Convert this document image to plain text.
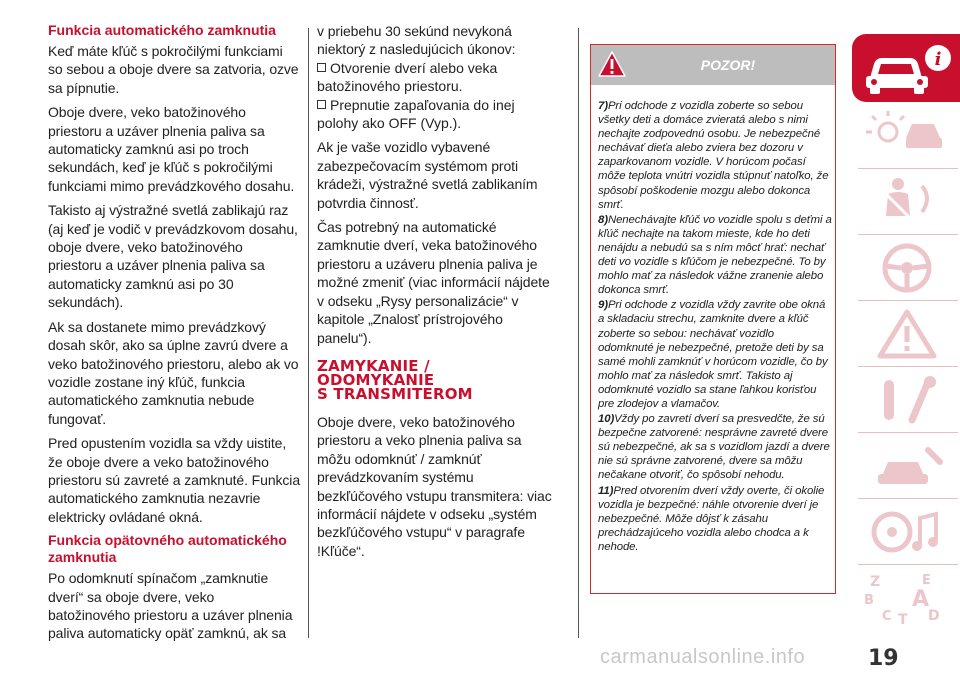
Funkcia automatického zamknutia

Keď máte kľúč s pokročilými funkciami so sebou a oboje dvere sa zatvoria, ozve sa pípnutie.

Oboje dvere, veko batožinového priestoru a uzáver plnenia paliva sa automaticky zamknú asi po troch sekundách, keď je kľúč s pokročilými funkciami mimo prevádzkového dosahu.

Takisto aj výstražné svetlá zablikajú raz (aj keď je vodič v prevádzkovom dosahu, oboje dvere, veko batožinového priestoru a uzáver plnenia paliva sa automaticky zamknú asi po 30 sekundách).

Ak sa dostanete mimo prevádzkový dosah skôr, ako sa úplne zavrú dvere a veko batožinového priestoru, alebo ak vo vozidle zostane iný kľúč, funkcia automatického zamknutia nebude fungovať.

Pred opustením vozidla sa vždy uistite, že oboje dvere a veko batožinového priestoru sú zavreté a zamknuté. Funkcia automatického zamknutia nezavrie elektricky ovládané okná.

Funkcia opätovného automatického zamknutia

Po odomknutí spínačom „zamknutie dverí“ sa oboje dvere, veko batožinového priestoru a uzáver plnenia paliva automaticky opäť zamknú, ak sa

v priebehu 30 sekúnd nevykoná niektorý z nasledujúcich úkonov:

Otvorenie dverí alebo veka batožinového priestoru.

Prepnutie zapaľovania do inej polohy ako OFF (Vyp.).

Ak je vaše vozidlo vybavené zabezpečovacím systémom proti krádeži, výstražné svetlá zablikaním potvrdia činnosť.

Čas potrebný na automatické zamknutie dverí, veka batožinového priestoru a uzáveru plnenia paliva je možné zmeniť (viac informácií nájdete v odseku „Rysy personalizácie“ v kapitole „Znalosť prístrojového panelu“).

ZAMYKANIE /
ODOMYKANIE
S TRANSMITEROM

Oboje dvere, veko batožinového priestoru a veko plnenia paliva sa môžu odomknúť / zamknúť prevádzkovaním systému bezkľúčového vstupu transmitera: viac informácií nájdete v odseku „systém bezkľúčového vstupu“ v paragrafe !Kľúče“.

POZOR!

7)Pri odchode z vozidla zoberte so sebou všetky deti a domáce zvieratá alebo s nimi nechajte zodpovednú osobu. Je nebezpečné nechávať dieťa alebo zviera bez dozoru v zaparkovanom vozidle. V horúcom počasí môže teplota vnútri vozidla stúpnuť natoľko, že spôsobí poškodenie mozgu alebo dokonca smrť.

8)Nenechávajte kľúč vo vozidle spolu s deťmi a kľúč nechajte na takom mieste, kde ho deti nenájdu a nebudú sa s ním môcť hrať: nechať deti vo vozidle s kľúčom je nebezpečné. To by mohlo mať za následok vážne zranenie alebo dokonca smrť.

9)Pri odchode z vozidla vždy zavrite obe okná a skladaciu strechu, zamknite dvere a kľúč zoberte so sebou: nechávať vozidlo odomknuté je nebezpečné, pretože deti by sa samé mohli zamknúť v horúcom vozidle, čo by mohlo mať za následok smrť. Takisto aj odomknuté vozidlo sa stane ľahkou korisťou pre zlodejov a vlamačov.

10)Vždy po zavretí dverí sa presvedčte, že sú bezpečne zatvorené: nesprávne zavreté dvere sú nebezpečné, ak sa s vozidlom jazdí a dvere nie sú správne zatvorené, dvere sa môžu nečakane otvoriť, čo spôsobí nehodu.

11)Pred otvorením dverí vždy overte, či okolie vozidla je bezpečné: náhle otvorenie dverí je nebezpečné. Môže dôjsť k zásahu prechádzajúceho vozidla alebo chodca a k nehode.

i
Z	E
B A
C T D
carmanualsonline.info	19
